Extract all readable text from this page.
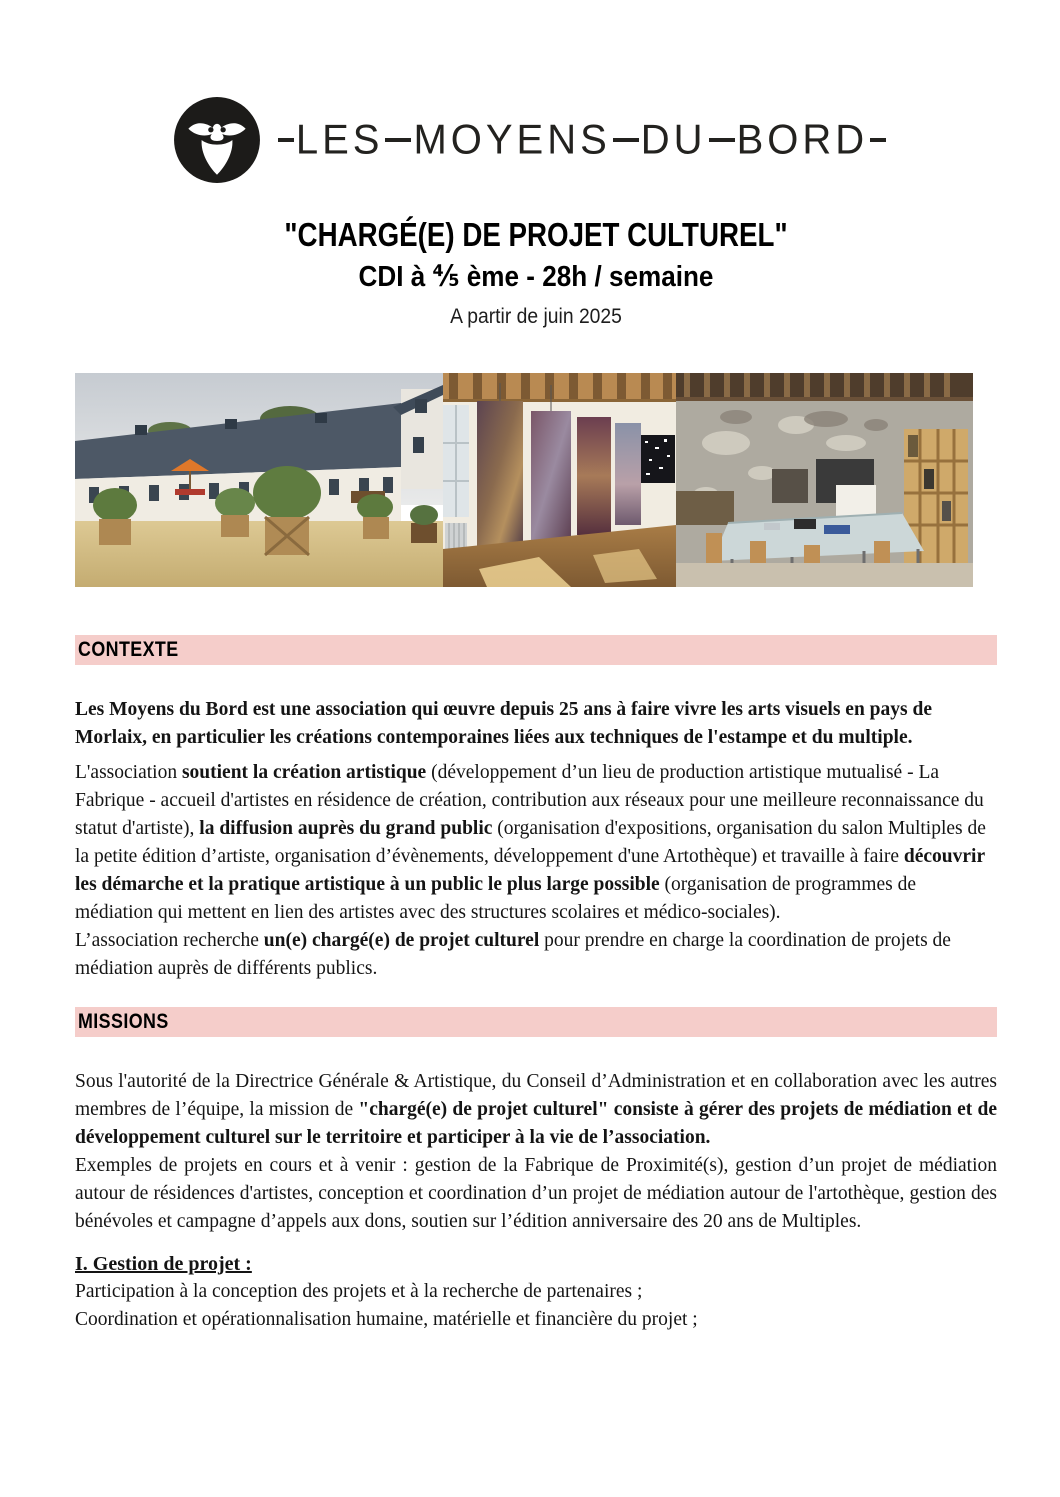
LES MOYENS DU BORD
"CHARGÉ(E) DE PROJET CULTUREL"
CDI à ⅘ ème - 28h / semaine
A partir de juin 2025
CONTEXTE

Les Moyens du Bord est une association qui œuvre depuis 25 ans à faire vivre les arts visuels en pays de Morlaix, en particulier les créations contemporaines liées aux techniques de l'estampe et du multiple.

L'association soutient la création artistique (développement d’un lieu de production artistique mutualisé - La Fabrique - accueil d'artistes en résidence de création, contribution aux réseaux pour une meilleure reconnaissance du statut d'artiste), la diffusion auprès du grand public (organisation d'expositions, organisation du salon Multiples de la petite édition d’artiste, organisation d’évènements, développement d'une Artothèque) et travaille à faire découvrir les démarche et la pratique artistique à un public le plus large possible (organisation de programmes de médiation qui mettent en lien des artistes avec des structures scolaires et médico-sociales).

L’association recherche un(e) chargé(e) de projet culturel pour prendre en charge la coordination de projets de médiation auprès de différents publics.

MISSIONS

Sous l'autorité de la Directrice Générale & Artistique, du Conseil d’Administration et en collaboration avec les autres membres de l’équipe, la mission de "chargé(e) de projet culturel" consiste à gérer des projets de médiation et de développement culturel sur le territoire et participer à la vie de l’association.

Exemples de projets en cours et à venir : gestion de la Fabrique de Proximité(s), gestion d’un projet de médiation autour de résidences d'artistes, conception et coordination d’un projet de médiation autour de l'artothèque, gestion des bénévoles et campagne d’appels aux dons, soutien sur l’édition anniversaire des 20 ans de Multiples.

I. Gestion de projet :

Participation à la conception des projets et à la recherche de partenaires ;

Coordination et opérationnalisation humaine, matérielle et financière du projet ;
